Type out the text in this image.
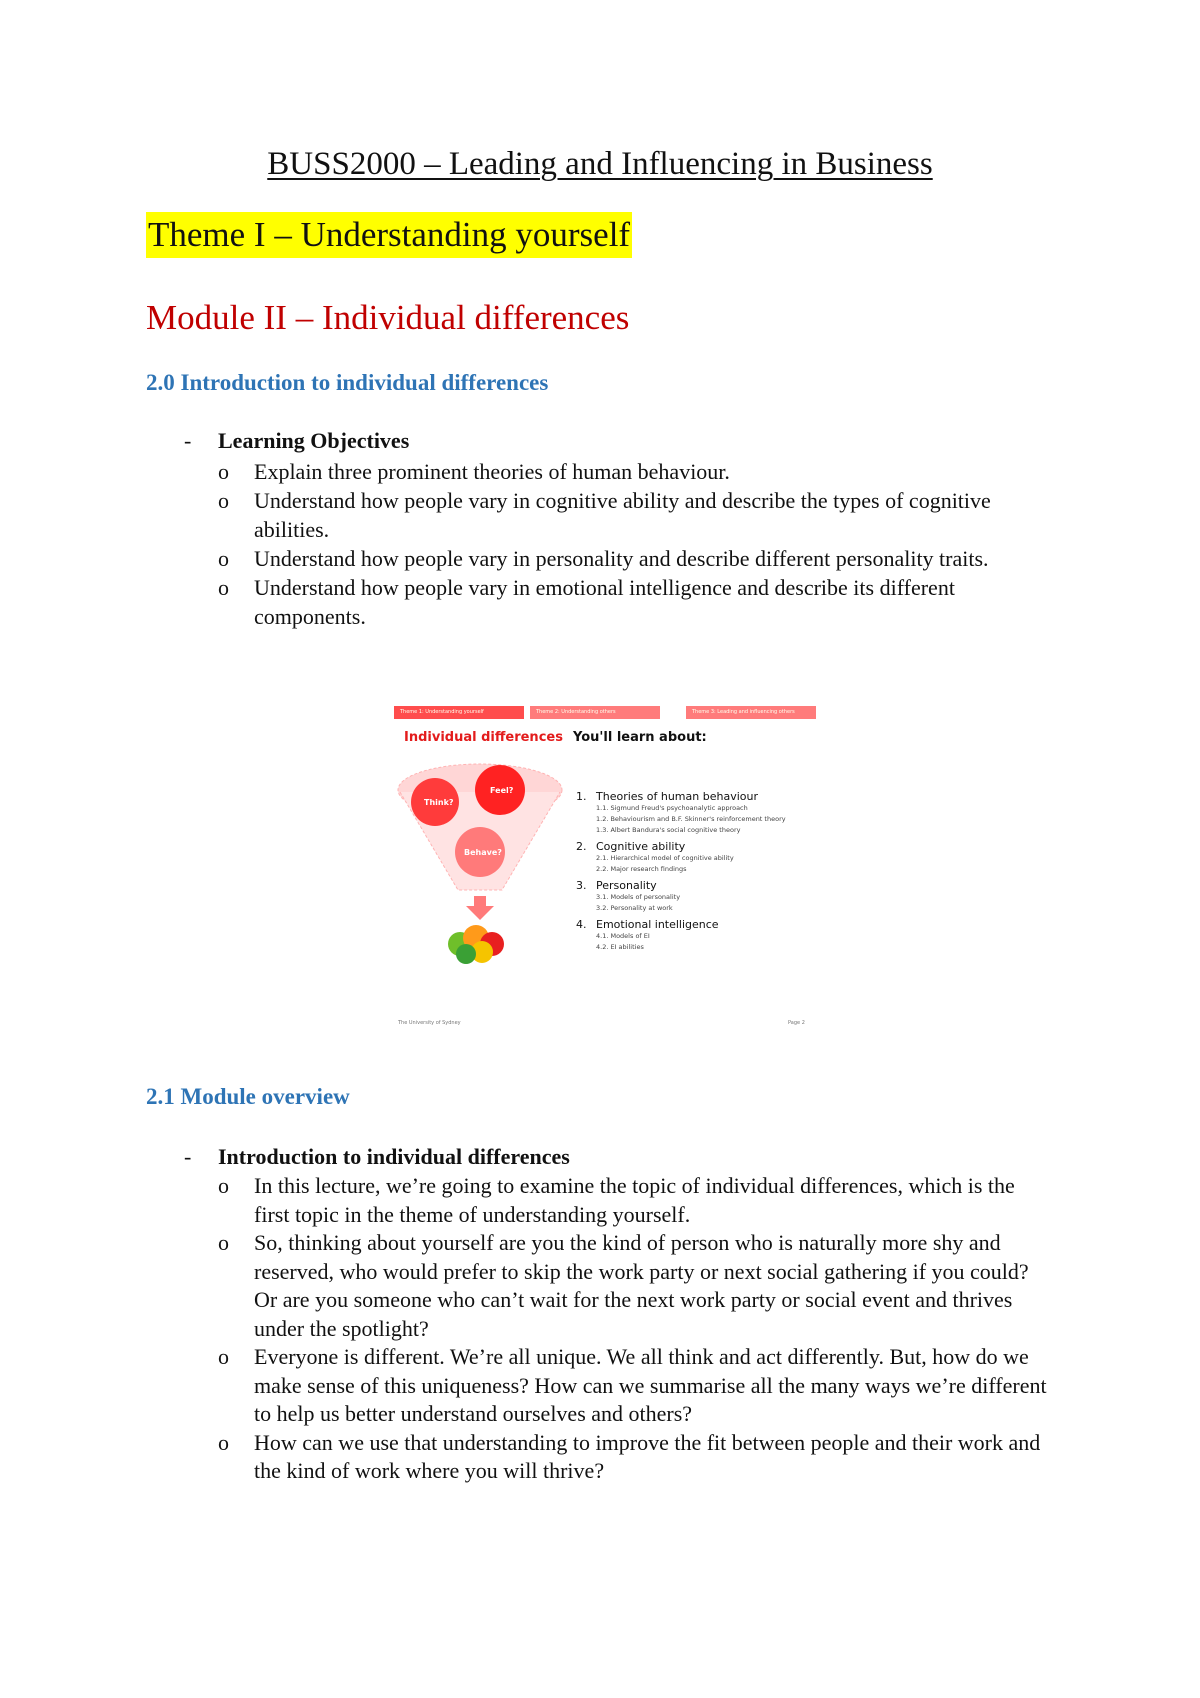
BUSS2000 – Leading and Influencing in Business
Theme I – Understanding yourself
Module II – Individual differences
2.0 Introduction to individual differences
- Learning Objectives
o Explain three prominent theories of human behaviour.
o Understand how people vary in cognitive ability and describe the types of cognitive abilities.
o Understand how people vary in personality and describe different personality traits.
o Understand how people vary in emotional intelligence and describe its different components.
Theme 1: Understanding yourself	Theme 2: Understanding others	Theme 3: Leading and influencing others
Individual differences You'll learn about:
Think?
Feel?
Behave?
1. Theories of human behaviour
1.1. Sigmund Freud's psychoanalytic approach
1.2. Behaviourism and B.F. Skinner's reinforcement theory
1.3. Albert Bandura's social cognitive theory
2. Cognitive ability
2.1. Hierarchical model of cognitive ability
2.2. Major research findings
3. Personality
3.1. Models of personality
3.2. Personality at work
4. Emotional intelligence
4.1. Models of EI
4.2. EI abilities
The University of Sydney	Page 2
2.1 Module overview
- Introduction to individual differences
o In this lecture, we’re going to examine the topic of individual differences, which is the first topic in the theme of understanding yourself.
o So, thinking about yourself are you the kind of person who is naturally more shy and reserved, who would prefer to skip the work party or next social gathering if you could? Or are you someone who can’t wait for the next work party or social event and thrives under the spotlight?
o Everyone is different. We’re all unique. We all think and act differently. But, how do we make sense of this uniqueness? How can we summarise all the many ways we’re different to help us better understand ourselves and others?
o How can we use that understanding to improve the fit between people and their work and the kind of work where you will thrive?
